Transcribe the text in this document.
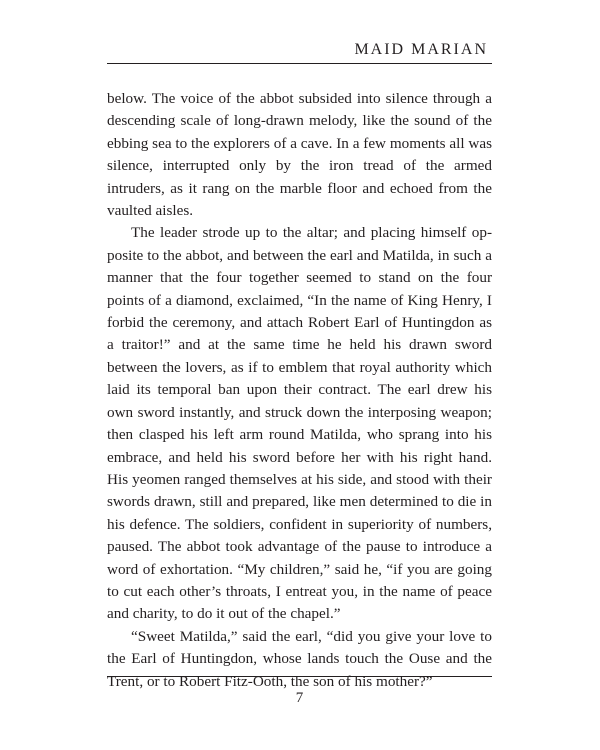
MAID MARIAN

below. The voice of the abbot subsided into silence through a descending scale of long-drawn melody, like the sound of the ebbing sea to the explorers of a cave. In a few moments all was silence, interrupted only by the iron tread of the armed intruders, as it rang on the marble floor and echoed from the vaulted aisles.

The leader strode up to the altar; and placing himself opposite to the abbot, and between the earl and Matilda, in such a manner that the four together seemed to stand on the four points of a diamond, exclaimed, “In the name of King Henry, I forbid the ceremony, and attach Robert Earl of Huntingdon as a traitor!” and at the same time he held his drawn sword between the lovers, as if to emblem that royal authority which laid its temporal ban upon their contract. The earl drew his own sword instantly, and struck down the interposing weapon; then clasped his left arm round Matilda, who sprang into his embrace, and held his sword before her with his right hand. His yeomen ranged themselves at his side, and stood with their swords drawn, still and prepared, like men determined to die in his defence. The soldiers, confident in superiority of numbers, paused. The abbot took advantage of the pause to introduce a word of exhortation. “My children,” said he, “if you are going to cut each other’s throats, I entreat you, in the name of peace and charity, to do it out of the chapel.”

“Sweet Matilda,” said the earl, “did you give your love to the Earl of Huntingdon, whose lands touch the Ouse and the Trent, or to Robert Fitz-Ooth, the son of his mother?”

7
